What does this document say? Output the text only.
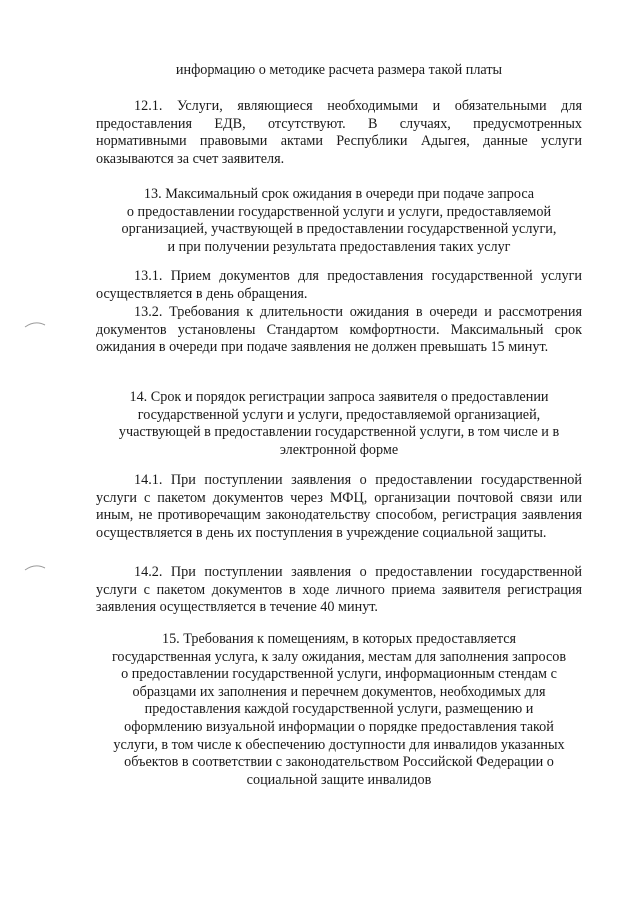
информацию о методике расчета размера такой платы
12.1. Услуги, являющиеся необходимыми и обязательными для предоставления ЕДВ, отсутствуют. В случаях, предусмотренных нормативными правовыми актами Республики Адыгея, данные услуги оказываются за счет заявителя.

13. Максимальный срок ожидания в очереди при подаче запроса

о предоставлении государственной услуги и услуги, предоставляемой

организацией, участвующей в предоставлении государственной услуги,

и при получении результата предоставления таких услуг

13.1. Прием документов для предоставления государственной услуги осуществляется в день обращения.
13.2. Требования к длительности ожидания в очереди и рассмотрения документов установлены Стандартом комфортности. Максимальный срок ожидания в очереди при подаче заявления не должен превышать 15 минут.

14. Срок и порядок регистрации запроса заявителя о предоставлении

государственной услуги и услуги, предоставляемой организацией,

участвующей в предоставлении государственной услуги, в том числе и в

электронной форме

14.1. При поступлении заявления о предоставлении государственной услуги с пакетом документов через МФЦ, организации почтовой связи или иным, не противоречащим законодательству способом, регистрация заявления осуществляется в день их поступления в учреждение социальной защиты.
14.2. При поступлении заявления о предоставлении государственной услуги с пакетом документов в ходе личного приема заявителя регистрация заявления осуществляется в течение 40 минут.

15. Требования к помещениям, в которых предоставляется

государственная услуга, к залу ожидания, местам для заполнения запросов

о предоставлении государственной услуги, информационным стендам с

образцами их заполнения и перечнем документов, необходимых для

предоставления каждой государственной услуги, размещению и

оформлению визуальной информации о порядке предоставления такой

услуги, в том числе к обеспечению доступности для инвалидов указанных

объектов в соответствии с законодательством Российской Федерации о

социальной защите инвалидов
